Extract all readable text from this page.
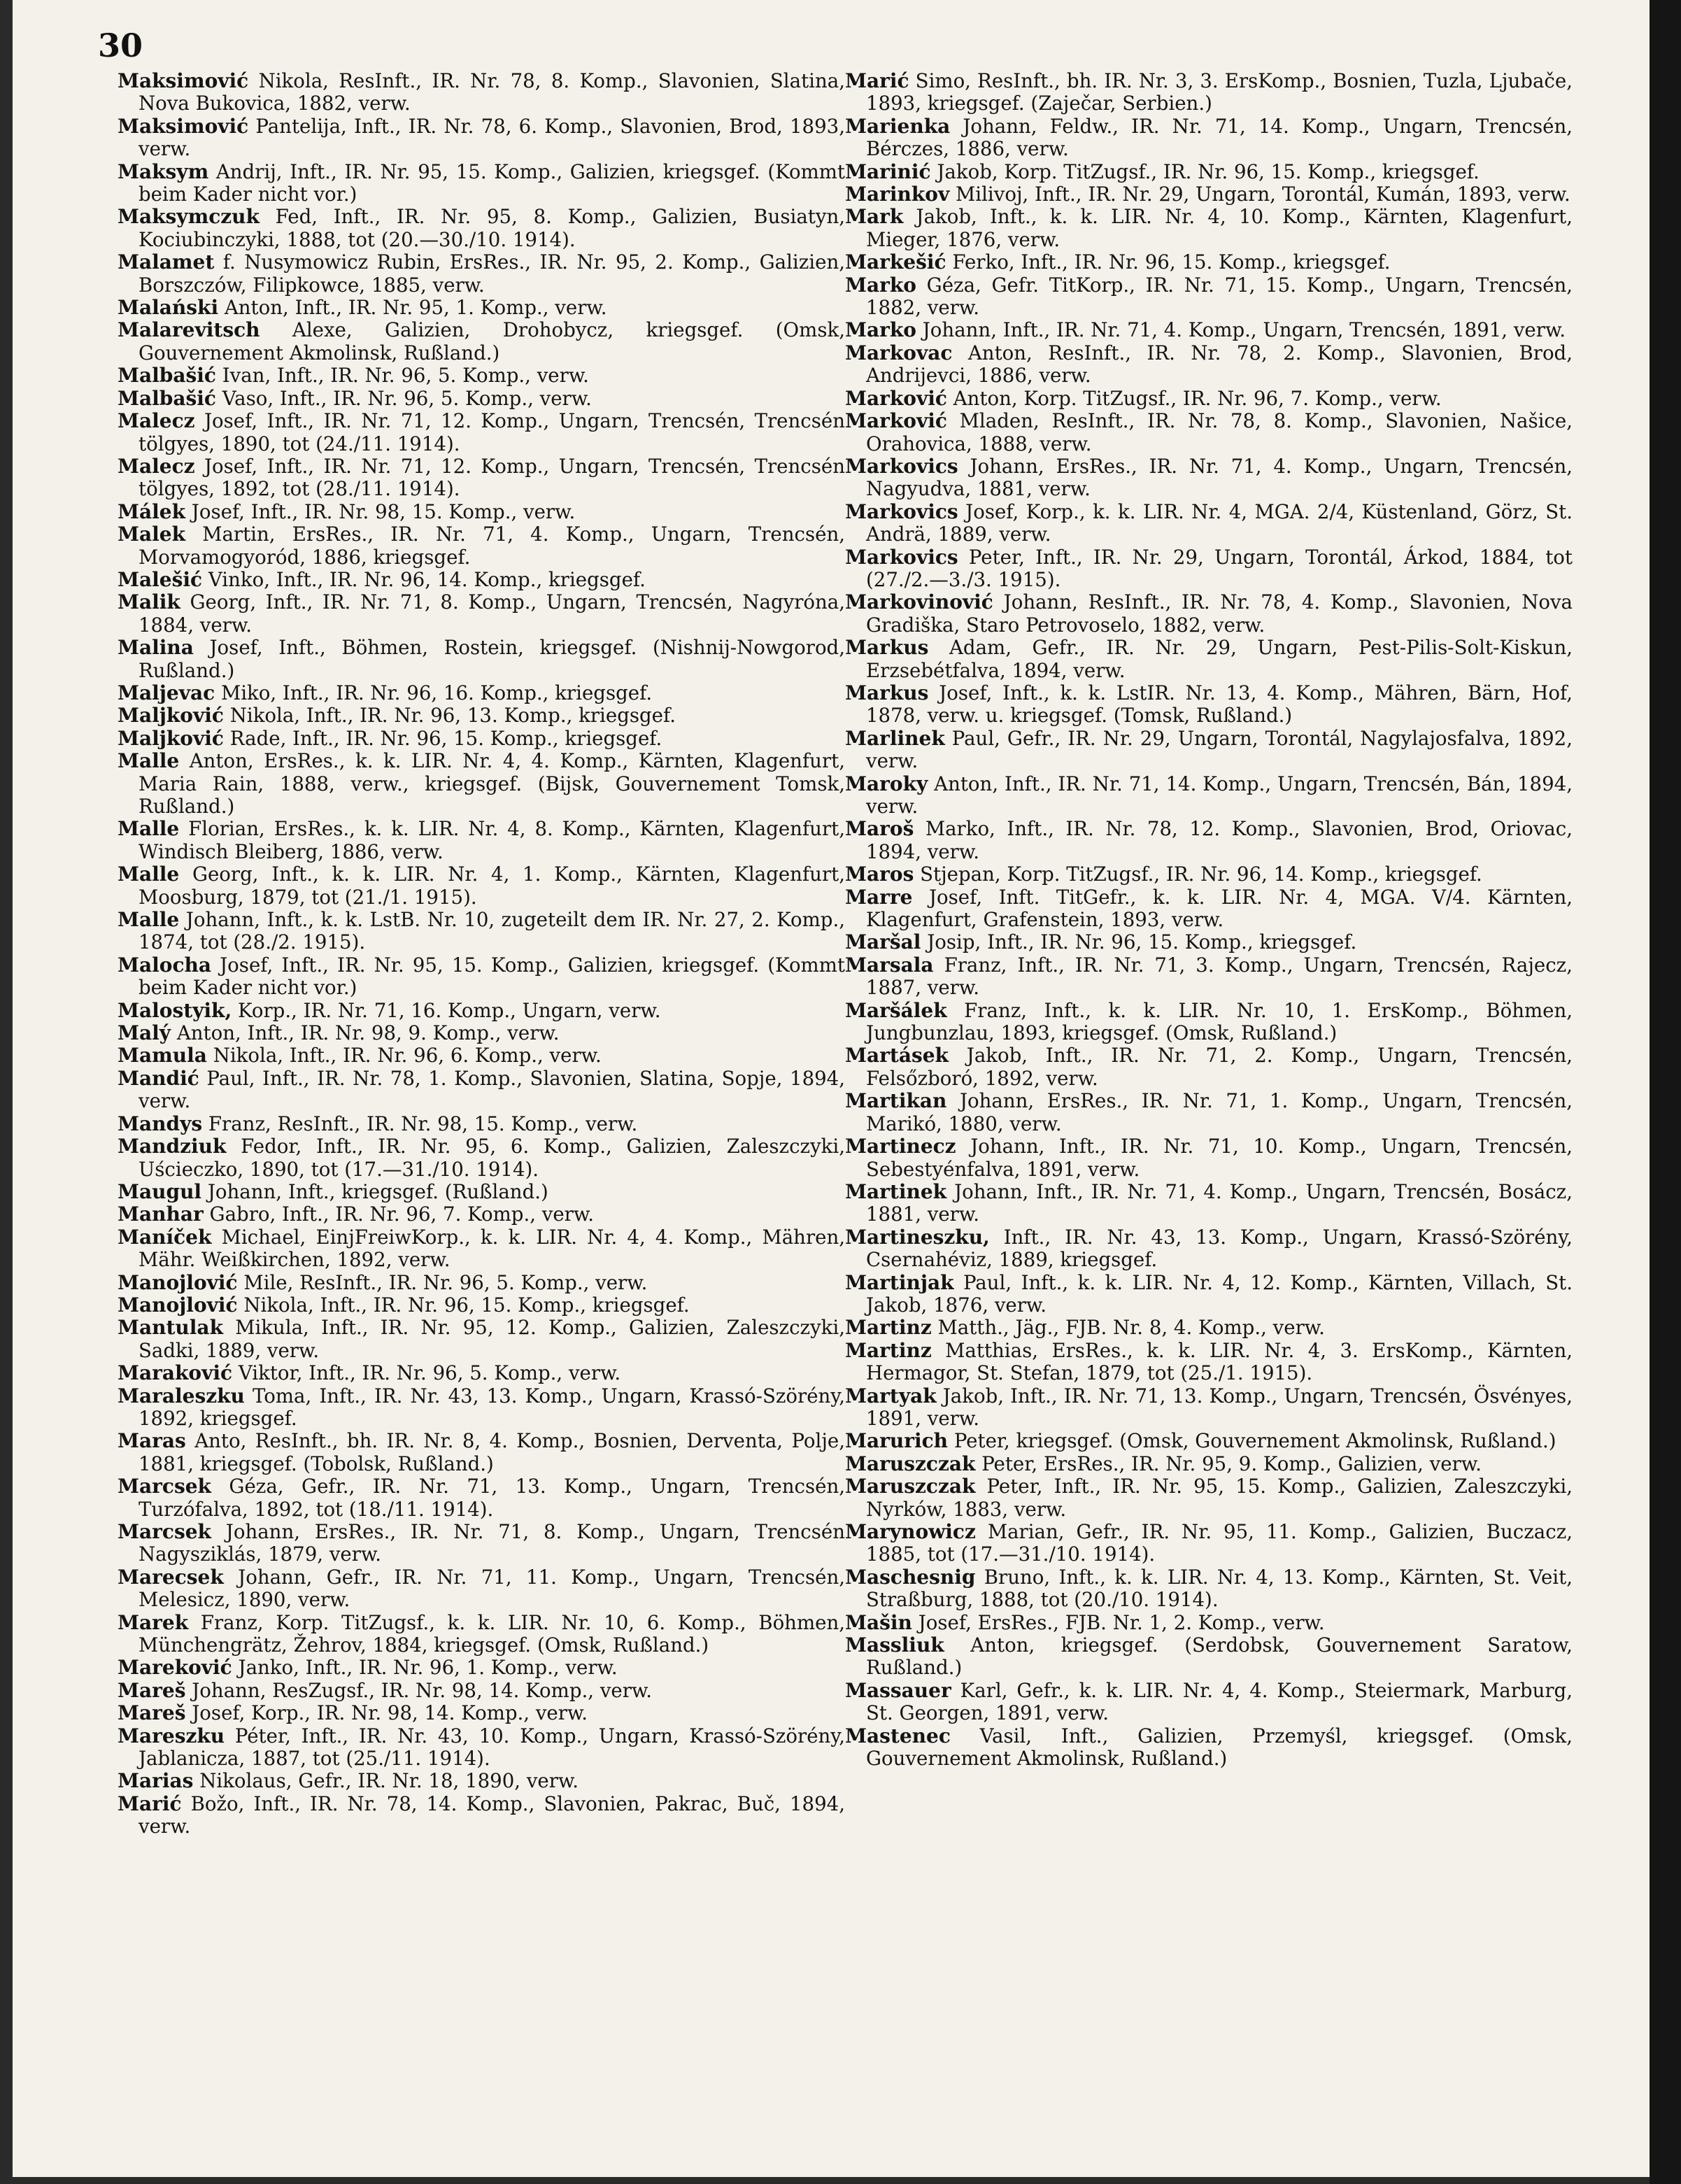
30

Maksimović Nikola, ResInft., IR. Nr. 78, 8. Komp., Slavonien, Slatina, Nova Bukovica, 1882, verw.

Maksimović Pantelija, Inft., IR. Nr. 78, 6. Komp., Slavonien, Brod, 1893, verw.

Maksym Andrij, Inft., IR. Nr. 95, 15. Komp., Galizien, kriegsgef. (Kommt beim Kader nicht vor.)

Maksymczuk Fed, Inft., IR. Nr. 95, 8. Komp., Galizien, Busiatyn, Kociubinczyki, 1888, tot (20.—30./10. 1914).

Malamet f. Nusymowicz Rubin, ErsRes., IR. Nr. 95, 2. Komp., Galizien, Borszczów, Filipkowce, 1885, verw.

Malański Anton, Inft., IR. Nr. 95, 1. Komp., verw.

Malarevitsch Alexe, Galizien, Drohobycz, kriegsgef. (Omsk, Gouvernement Akmolinsk, Rußland.)

Malbašić Ivan, Inft., IR. Nr. 96, 5. Komp., verw.

Malbašić Vaso, Inft., IR. Nr. 96, 5. Komp., verw.

Malecz Josef, Inft., IR. Nr. 71, 12. Komp., Ungarn, Trencsén, Trencsén tölgyes, 1890, tot (24./11. 1914).

Malecz Josef, Inft., IR. Nr. 71, 12. Komp., Ungarn, Trencsén, Trencsén tölgyes, 1892, tot (28./11. 1914).

Málek Josef, Inft., IR. Nr. 98, 15. Komp., verw.

Malek Martin, ErsRes., IR. Nr. 71, 4. Komp., Ungarn, Trencsén, Morvamogyoród, 1886, kriegsgef.

Malešić Vinko, Inft., IR. Nr. 96, 14. Komp., kriegsgef.

Malik Georg, Inft., IR. Nr. 71, 8. Komp., Ungarn, Trencsén, Nagyróna, 1884, verw.

Malina Josef, Inft., Böhmen, Rostein, kriegsgef. (Nishnij-Nowgorod, Rußland.)

Maljevac Miko, Inft., IR. Nr. 96, 16. Komp., kriegsgef.

Maljković Nikola, Inft., IR. Nr. 96, 13. Komp., kriegsgef.

Maljković Rade, Inft., IR. Nr. 96, 15. Komp., kriegsgef.

Malle Anton, ErsRes., k. k. LIR. Nr. 4, 4. Komp., Kärnten, Klagenfurt, Maria Rain, 1888, verw., kriegsgef. (Bijsk, Gouvernement Tomsk, Rußland.)

Malle Florian, ErsRes., k. k. LIR. Nr. 4, 8. Komp., Kärnten, Klagenfurt, Windisch Bleiberg, 1886, verw.

Malle Georg, Inft., k. k. LIR. Nr. 4, 1. Komp., Kärnten, Klagenfurt, Moosburg, 1879, tot (21./1. 1915).

Malle Johann, Inft., k. k. LstB. Nr. 10, zugeteilt dem IR. Nr. 27, 2. Komp., 1874, tot (28./2. 1915).

Malocha Josef, Inft., IR. Nr. 95, 15. Komp., Galizien, kriegsgef. (Kommt beim Kader nicht vor.)

Malostyik, Korp., IR. Nr. 71, 16. Komp., Ungarn, verw.

Malý Anton, Inft., IR. Nr. 98, 9. Komp., verw.

Mamula Nikola, Inft., IR. Nr. 96, 6. Komp., verw.

Mandić Paul, Inft., IR. Nr. 78, 1. Komp., Slavonien, Slatina, Sopje, 1894, verw.

Mandys Franz, ResInft., IR. Nr. 98, 15. Komp., verw.

Mandziuk Fedor, Inft., IR. Nr. 95, 6. Komp., Galizien, Zaleszczyki, Uścieczko, 1890, tot (17.—31./10. 1914).

Maugul Johann, Inft., kriegsgef. (Rußland.)

Manhar Gabro, Inft., IR. Nr. 96, 7. Komp., verw.

Maníček Michael, EinjFreiwKorp., k. k. LIR. Nr. 4, 4. Komp., Mähren, Mähr. Weißkirchen, 1892, verw.

Manojlović Mile, ResInft., IR. Nr. 96, 5. Komp., verw.

Manojlović Nikola, Inft., IR. Nr. 96, 15. Komp., kriegsgef.

Mantulak Mikula, Inft., IR. Nr. 95, 12. Komp., Galizien, Zaleszczyki, Sadki, 1889, verw.

Maraković Viktor, Inft., IR. Nr. 96, 5. Komp., verw.

Maraleszku Toma, Inft., IR. Nr. 43, 13. Komp., Ungarn, Krassó-Szörény, 1892, kriegsgef.

Maras Anto, ResInft., bh. IR. Nr. 8, 4. Komp., Bosnien, Derventa, Polje, 1881, kriegsgef. (Tobolsk, Rußland.)

Marcsek Géza, Gefr., IR. Nr. 71, 13. Komp., Ungarn, Trencsén, Turzófalva, 1892, tot (18./11. 1914).

Marcsek Johann, ErsRes., IR. Nr. 71, 8. Komp., Ungarn, Trencsén Nagysziklás, 1879, verw.

Marecsek Johann, Gefr., IR. Nr. 71, 11. Komp., Ungarn, Trencsén, Melesicz, 1890, verw.

Marek Franz, Korp. TitZugsf., k. k. LIR. Nr. 10, 6. Komp., Böhmen, Münchengrätz, Žehrov, 1884, kriegsgef. (Omsk, Rußland.)

Mareković Janko, Inft., IR. Nr. 96, 1. Komp., verw.

Mareš Johann, ResZugsf., IR. Nr. 98, 14. Komp., verw.

Mareš Josef, Korp., IR. Nr. 98, 14. Komp., verw.

Mareszku Péter, Inft., IR. Nr. 43, 10. Komp., Ungarn, Krassó-Szörény, Jablanicza, 1887, tot (25./11. 1914).

Marias Nikolaus, Gefr., IR. Nr. 18, 1890, verw.

Marić Božo, Inft., IR. Nr. 78, 14. Komp., Slavonien, Pakrac, Buč, 1894, verw.

Marić Simo, ResInft., bh. IR. Nr. 3, 3. ErsKomp., Bosnien, Tuzla, Ljubače, 1893, kriegsgef. (Zaječar, Serbien.)

Marienka Johann, Feldw., IR. Nr. 71, 14. Komp., Ungarn, Trencsén, Bérczes, 1886, verw.

Marinić Jakob, Korp. TitZugsf., IR. Nr. 96, 15. Komp., kriegsgef.

Marinkov Milivoj, Inft., IR. Nr. 29, Ungarn, Torontál, Kumán, 1893, verw.

Mark Jakob, Inft., k. k. LIR. Nr. 4, 10. Komp., Kärnten, Klagenfurt, Mieger, 1876, verw.

Markešić Ferko, Inft., IR. Nr. 96, 15. Komp., kriegsgef.

Marko Géza, Gefr. TitKorp., IR. Nr. 71, 15. Komp., Ungarn, Trencsén, 1882, verw.

Marko Johann, Inft., IR. Nr. 71, 4. Komp., Ungarn, Trencsén, 1891, verw.

Markovac Anton, ResInft., IR. Nr. 78, 2. Komp., Slavonien, Brod, Andrijevci, 1886, verw.

Marković Anton, Korp. TitZugsf., IR. Nr. 96, 7. Komp., verw.

Marković Mladen, ResInft., IR. Nr. 78, 8. Komp., Slavonien, Našice, Orahovica, 1888, verw.

Markovics Johann, ErsRes., IR. Nr. 71, 4. Komp., Ungarn, Trencsén, Nagyudva, 1881, verw.

Markovics Josef, Korp., k. k. LIR. Nr. 4, MGA. 2/4, Küstenland, Görz, St. Andrä, 1889, verw.

Markovics Peter, Inft., IR. Nr. 29, Ungarn, Torontál, Árkod, 1884, tot (27./2.—3./3. 1915).

Markovinović Johann, ResInft., IR. Nr. 78, 4. Komp., Slavonien, Nova Gradiška, Staro Petrovoselo, 1882, verw.

Markus Adam, Gefr., IR. Nr. 29, Ungarn, Pest-Pilis-Solt-Kiskun, Erzsebétfalva, 1894, verw.

Markus Josef, Inft., k. k. LstIR. Nr. 13, 4. Komp., Mähren, Bärn, Hof, 1878, verw. u. kriegsgef. (Tomsk, Rußland.)

Marlinek Paul, Gefr., IR. Nr. 29, Ungarn, Torontál, Nagylajosfalva, 1892, verw.

Maroky Anton, Inft., IR. Nr. 71, 14. Komp., Ungarn, Trencsén, Bán, 1894, verw.

Maroš Marko, Inft., IR. Nr. 78, 12. Komp., Slavonien, Brod, Oriovac, 1894, verw.

Maros Stjepan, Korp. TitZugsf., IR. Nr. 96, 14. Komp., kriegsgef.

Marre Josef, Inft. TitGefr., k. k. LIR. Nr. 4, MGA. V/4. Kärnten, Klagenfurt, Grafenstein, 1893, verw.

Maršal Josip, Inft., IR. Nr. 96, 15. Komp., kriegsgef.

Marsala Franz, Inft., IR. Nr. 71, 3. Komp., Ungarn, Trencsén, Rajecz, 1887, verw.

Maršálek Franz, Inft., k. k. LIR. Nr. 10, 1. ErsKomp., Böhmen, Jungbunzlau, 1893, kriegsgef. (Omsk, Rußland.)

Martásek Jakob, Inft., IR. Nr. 71, 2. Komp., Ungarn, Trencsén, Felsőzboró, 1892, verw.

Martikan Johann, ErsRes., IR. Nr. 71, 1. Komp., Ungarn, Trencsén, Marikó, 1880, verw.

Martinecz Johann, Inft., IR. Nr. 71, 10. Komp., Ungarn, Trencsén, Sebestyénfalva, 1891, verw.

Martinek Johann, Inft., IR. Nr. 71, 4. Komp., Ungarn, Trencsén, Bosácz, 1881, verw.

Martineszku, Inft., IR. Nr. 43, 13. Komp., Ungarn, Krassó-Szörény, Csernahéviz, 1889, kriegsgef.

Martinjak Paul, Inft., k. k. LIR. Nr. 4, 12. Komp., Kärnten, Villach, St. Jakob, 1876, verw.

Martinz Matth., Jäg., FJB. Nr. 8, 4. Komp., verw.

Martinz Matthias, ErsRes., k. k. LIR. Nr. 4, 3. ErsKomp., Kärnten, Hermagor, St. Stefan, 1879, tot (25./1. 1915).

Martyak Jakob, Inft., IR. Nr. 71, 13. Komp., Ungarn, Trencsén, Ösvényes, 1891, verw.

Marurich Peter, kriegsgef. (Omsk, Gouvernement Akmolinsk, Rußland.)

Maruszczak Peter, ErsRes., IR. Nr. 95, 9. Komp., Galizien, verw.

Maruszczak Peter, Inft., IR. Nr. 95, 15. Komp., Galizien, Zaleszczyki, Nyrków, 1883, verw.

Marynowicz Marian, Gefr., IR. Nr. 95, 11. Komp., Galizien, Buczacz, 1885, tot (17.—31./10. 1914).

Maschesnig Bruno, Inft., k. k. LIR. Nr. 4, 13. Komp., Kärnten, St. Veit, Straßburg, 1888, tot (20./10. 1914).

Mašin Josef, ErsRes., FJB. Nr. 1, 2. Komp., verw.

Massliuk Anton, kriegsgef. (Serdobsk, Gouvernement Saratow, Rußland.)

Massauer Karl, Gefr., k. k. LIR. Nr. 4, 4. Komp., Steiermark, Marburg, St. Georgen, 1891, verw.

Mastenec Vasil, Inft., Galizien, Przemyśl, kriegsgef. (Omsk, Gouvernement Akmolinsk, Rußland.)
